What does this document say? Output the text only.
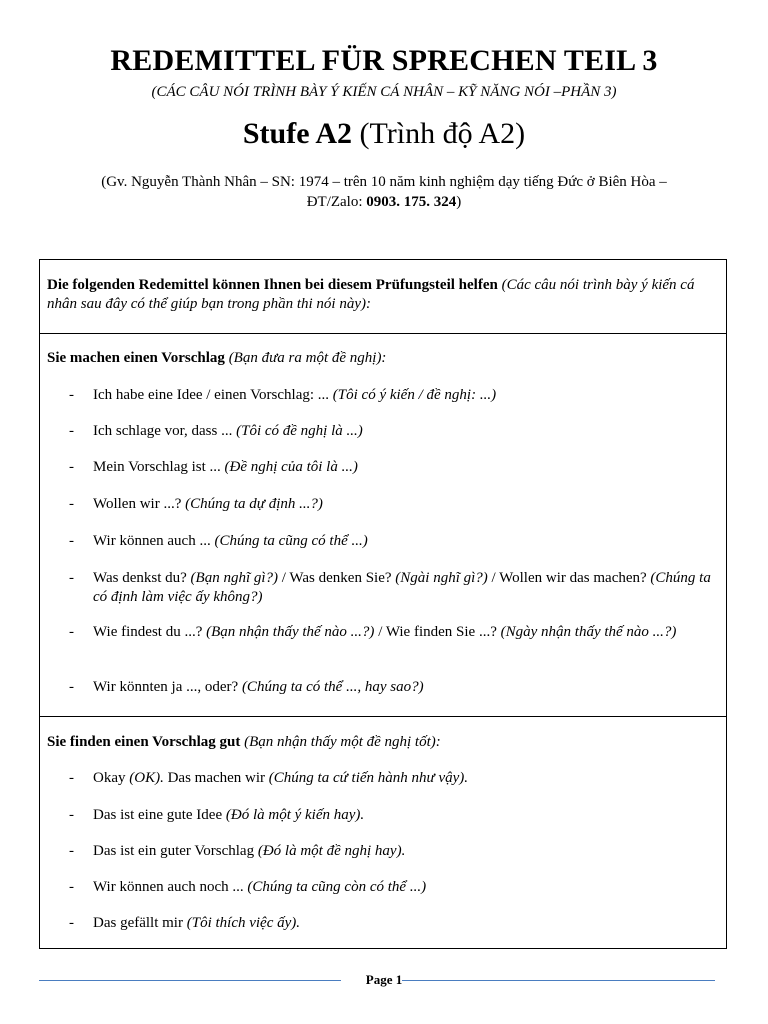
REDEMITTEL FÜR SPRECHEN TEIL 3
(CÁC CÂU NÓI TRÌNH BÀY Ý KIẾN CÁ NHÂN – KỸ NĂNG NÓI –PHẦN 3)
Stufe A2 (Trình độ A2)
(Gv. Nguyễn Thành Nhân – SN: 1974 – trên 10 năm kinh nghiệm dạy tiếng Đức ở Biên Hòa –
ĐT/Zalo: 0903. 175. 324)
Die folgenden Redemittel können Ihnen bei diesem Prüfungsteil helfen (Các câu nói trình bày ý kiến cá nhân sau đây có thể giúp bạn trong phần thi nói này):
Sie machen einen Vorschlag (Bạn đưa ra một đề nghị):
- Ich habe eine Idee / einen Vorschlag: ... (Tôi có ý kiến / đề nghị: ...)
- Ich schlage vor, dass ... (Tôi có đề nghị là ...)
- Mein Vorschlag ist ... (Đề nghị của tôi là ...)
- Wollen wir ...? (Chúng ta dự định ...?)
- Wir können auch ... (Chúng ta cũng có thể ...)
- Was denkst du? (Bạn nghĩ gì?) / Was denken Sie? (Ngài nghĩ gì?) / Wollen wir das machen? (Chúng ta có định làm việc ấy không?)
- Wie findest du ...? (Bạn nhận thấy thế nào ...?) / Wie finden Sie ...? (Ngày nhận thấy thế nào ...?)
- Wir könnten ja ..., oder? (Chúng ta có thể ..., hay sao?)
Sie finden einen Vorschlag gut (Bạn nhận thấy một đề nghị tốt):
- Okay (OK). Das machen wir (Chúng ta cứ tiến hành như vậy).
- Das ist eine gute Idee (Đó là một ý kiến hay).
- Das ist ein guter Vorschlag (Đó là một đề nghị hay).
- Wir können auch noch ... (Chúng ta cũng còn có thể ...)
- Das gefällt mir (Tôi thích việc ấy).
Page 1
